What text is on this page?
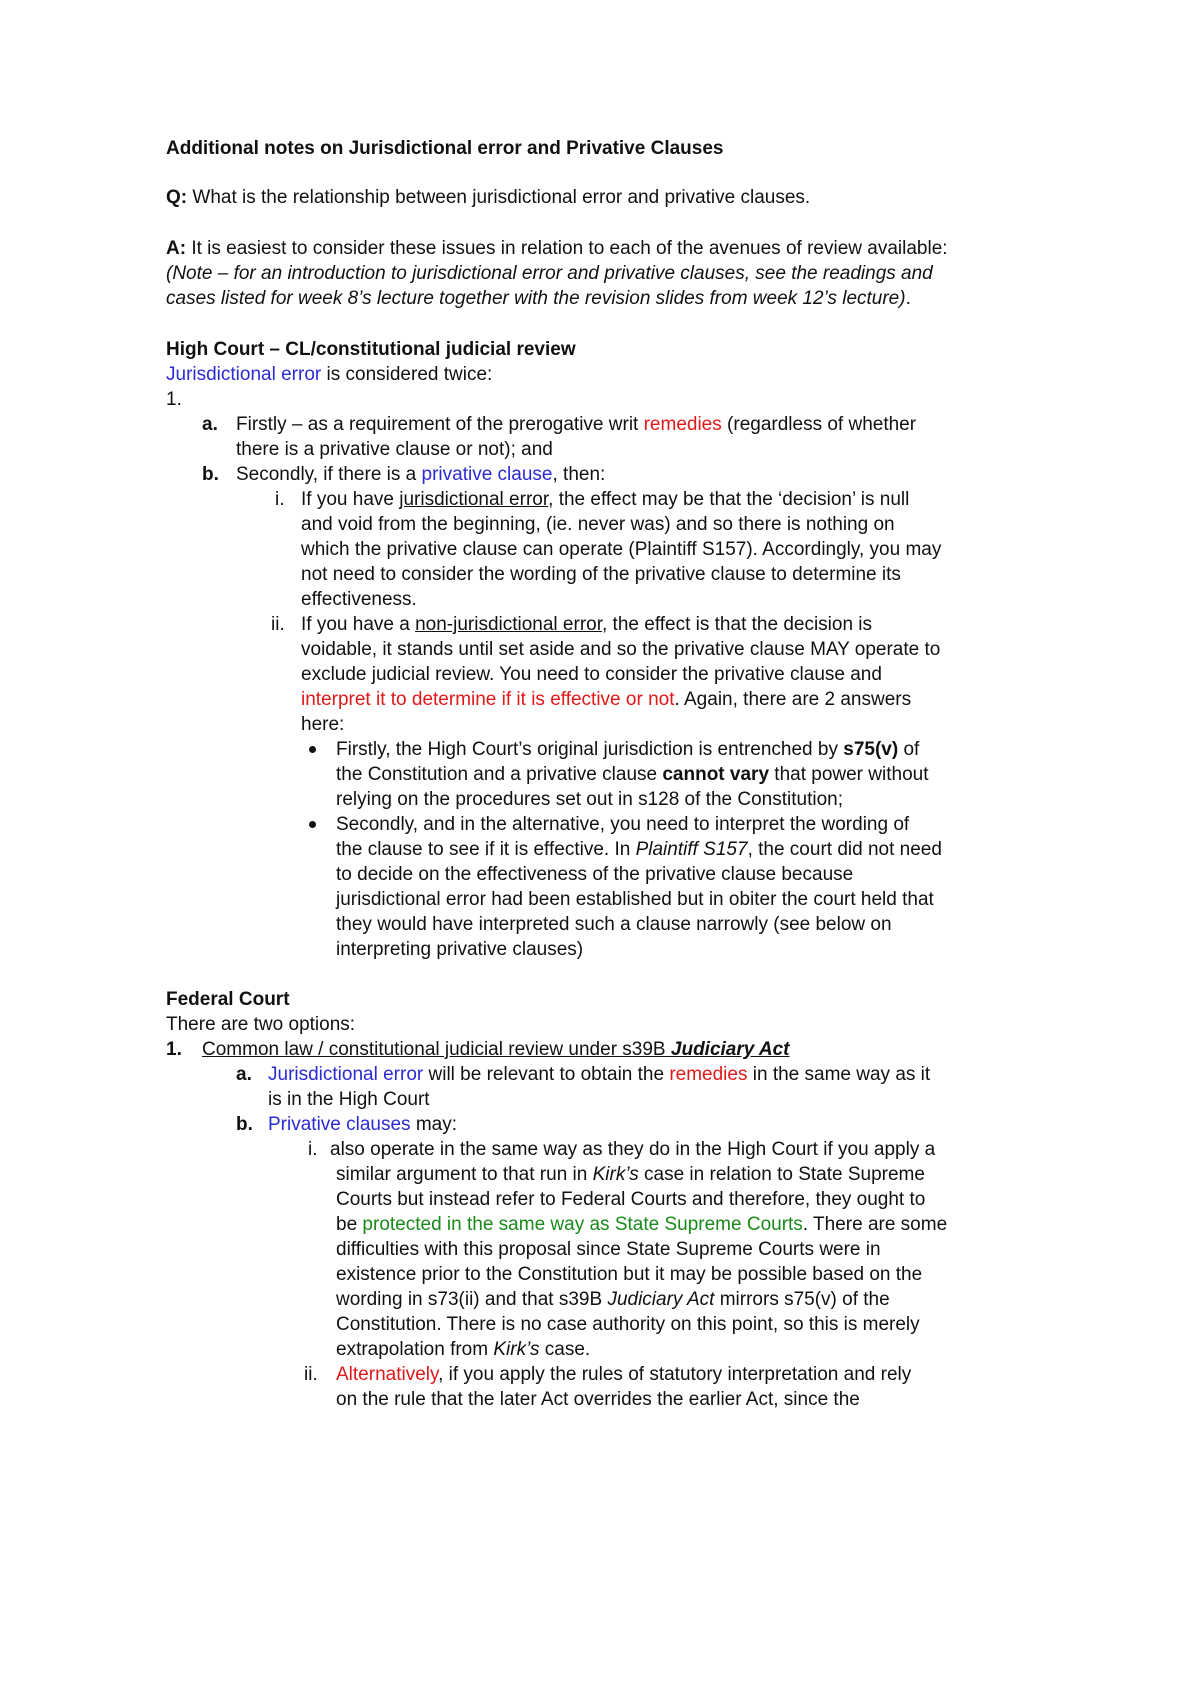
Additional notes on Jurisdictional error and Privative Clauses
Q: What is the relationship between jurisdictional error and privative clauses.
A: It is easiest to consider these issues in relation to each of the avenues of review available:
(Note – for an introduction to jurisdictional error and privative clauses, see the readings and
cases listed for week 8’s lecture together with the revision slides from week 12’s lecture).
High Court – CL/constitutional judicial review
Jurisdictional error is considered twice:
1.
a. Firstly – as a requirement of the prerogative writ remedies (regardless of whether
there is a privative clause or not); and
b. Secondly, if there is a privative clause, then:
i. If you have jurisdictional error, the effect may be that the ‘decision’ is null
and void from the beginning, (ie. never was) and so there is nothing on
which the privative clause can operate (Plaintiff S157). Accordingly, you may
not need to consider the wording of the privative clause to determine its
effectiveness.
ii. If you have a non-jurisdictional error, the effect is that the decision is
voidable, it stands until set aside and so the privative clause MAY operate to
exclude judicial review. You need to consider the privative clause and
interpret it to determine if it is effective or not. Again, there are 2 answers
here:
Firstly, the High Court’s original jurisdiction is entrenched by s75(v) of
the Constitution and a privative clause cannot vary that power without
relying on the procedures set out in s128 of the Constitution;
Secondly, and in the alternative, you need to interpret the wording of
the clause to see if it is effective. In Plaintiff S157, the court did not need
to decide on the effectiveness of the privative clause because
jurisdictional error had been established but in obiter the court held that
they would have interpreted such a clause narrowly (see below on
interpreting privative clauses)
Federal Court
There are two options:
1. Common law / constitutional judicial review under s39B Judiciary Act
a. Jurisdictional error will be relevant to obtain the remedies in the same way as it
is in the High Court
b. Privative clauses may:
i. also operate in the same way as they do in the High Court if you apply a
similar argument to that run in Kirk’s case in relation to State Supreme
Courts but instead refer to Federal Courts and therefore, they ought to
be protected in the same way as State Supreme Courts. There are some
difficulties with this proposal since State Supreme Courts were in
existence prior to the Constitution but it may be possible based on the
wording in s73(ii) and that s39B Judiciary Act mirrors s75(v) of the
Constitution. There is no case authority on this point, so this is merely
extrapolation from Kirk’s case.
ii. Alternatively, if you apply the rules of statutory interpretation and rely
on the rule that the later Act overrides the earlier Act, since the
